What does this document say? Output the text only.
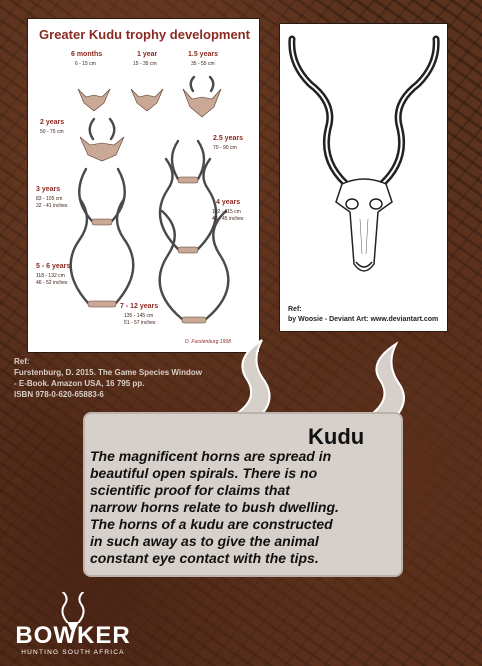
Greater Kudu trophy development
6 months
6 - 15 cm
1 year
15 - 35 cm
1.5 years
35 - 55 cm
2 years
50 - 75 cm
2.5 years
70 - 90 cm
3 years
83 - 105 cm
32 - 41 inches	4 years
102 - 115 cm
40 - 45 inches
5 - 6 years
118 - 132 cm
46 - 52 inches
7 - 12 years
135 - 145 cm
51 - 57 inches
D. Furstenburg 1998
Ref:
by Woosie - Deviant Art: www.deviantart.com
Ref:
Furstenburg, D. 2015. The Game Species Window
- E-Book. Amazon USA, 16 795 pp.
ISBN 978-0-620-65883-6
Kudu
The magnificent horns are spread in
beautiful open spirals. There is no
scientific proof for claims that
narrow horns relate to bush dwelling.
The horns of a kudu are constructed
in such away as to give the animal
constant eye contact with the tips.
BOWKER
HUNTING SOUTH AFRICA
